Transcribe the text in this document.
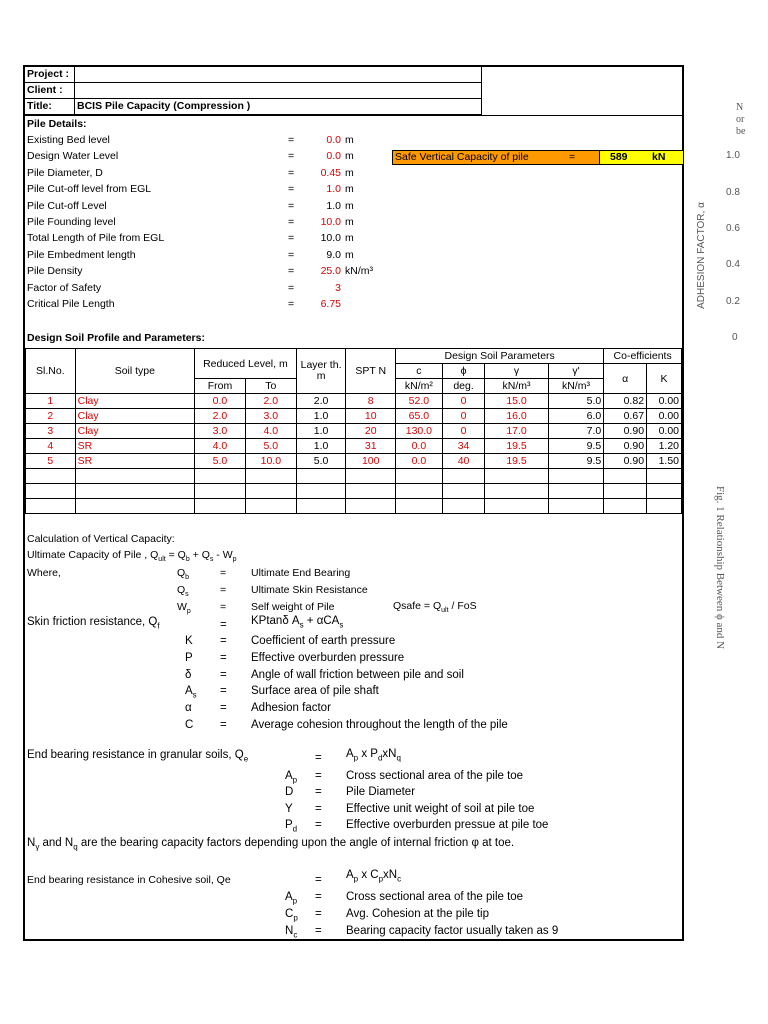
N
or
be
1.0
0.8
0.6
0.4
0.2
0
ADHESION FACTOR, α
Fig. 1 Relationship Between ϕ and N
Project :
Client :
Title: BCIS Pile Capacity (Compression )
Pile Details:
Existing Bed level	=	0.0 m
Design Water Level	=	0.0 m
Pile Diameter, D	=	0.45 m
Pile Cut-off level from EGL	=	1.0 m
Pile Cut-off Level	=	1.0 m
Pile Founding level	=	10.0 m
Total Length of Pile from EGL	=	10.0 m
Pile Embedment length	=	9.0 m
Pile Density	=	25.0 kN/m³
Factor of Safety	=	3
Critical Pile Length	=	6.75
Safe Vertical Capacity of pile	=	589 kN
Design Soil Profile and Parameters:
Sl.No.	Soil type	Reduced Level, m		Layer th. m	SPT N	Design Soil Parameters				Co-efficients	
						c	ϕ	γ	γ'	α	K
		From	To			kN/m²	deg.	kN/m³	kN/m³		
1	Clay	0.0	2.0	2.0	8	52.0	0	15.0	5.0	0.82	0.00
2	Clay	2.0	3.0	1.0	10	65.0	0	16.0	6.0	0.67	0.00
3	Clay	3.0	4.0	1.0	20	130.0	0	17.0	7.0	0.90	0.00
4	SR	4.0	5.0	1.0	31	0.0	34	19.5	9.5	0.90	1.20
5	SR	5.0	10.0	5.0	100	0.0	40	19.5	9.5	0.90	1.50

Calculation of Vertical Capacity:
Ultimate Capacity of Pile , $Q_{ult} = Q_b + Q_s - W_p$
Where,	$Q_b$	= Ultimate End Bearing
$Q_s$	= Ultimate Skin Resistance
$W_p$	= Self weight of Pile	Qsafe = $Q_{ult}$ / FoS
Skin friction resistance, $Q_f$	= KPtanδ $A_s + \alpha CA_s$
K = Coefficient of earth pressure
P = Effective overburden pressure
δ = Angle of wall friction between pile and soil
$A_s$ = Surface area of pile shaft
α = Adhesion factor
C = Average cohesion throughout the length of the pile
End bearing resistance in granular soils, $Q_e$	= $A_p$ x $P_dxN_q$
$A_p$ = Cross sectional area of the pile toe
D = Pile Diameter
Y = Effective unit weight of soil at pile toe
$P_d$ = Effective overburden pressue at pile toe
$N_\gamma$ and $N_q$ are the bearing capacity factors depending upon the angle of internal friction φ at toe.
End bearing resistance in Cohesive soil, Qe	= $A_p$ x $C_pxN_c$
$A_p$ = Cross sectional area of the pile toe
$C_p$ = Avg. Cohesion at the pile tip
$N_c$ = Bearing capacity factor usually taken as 9
